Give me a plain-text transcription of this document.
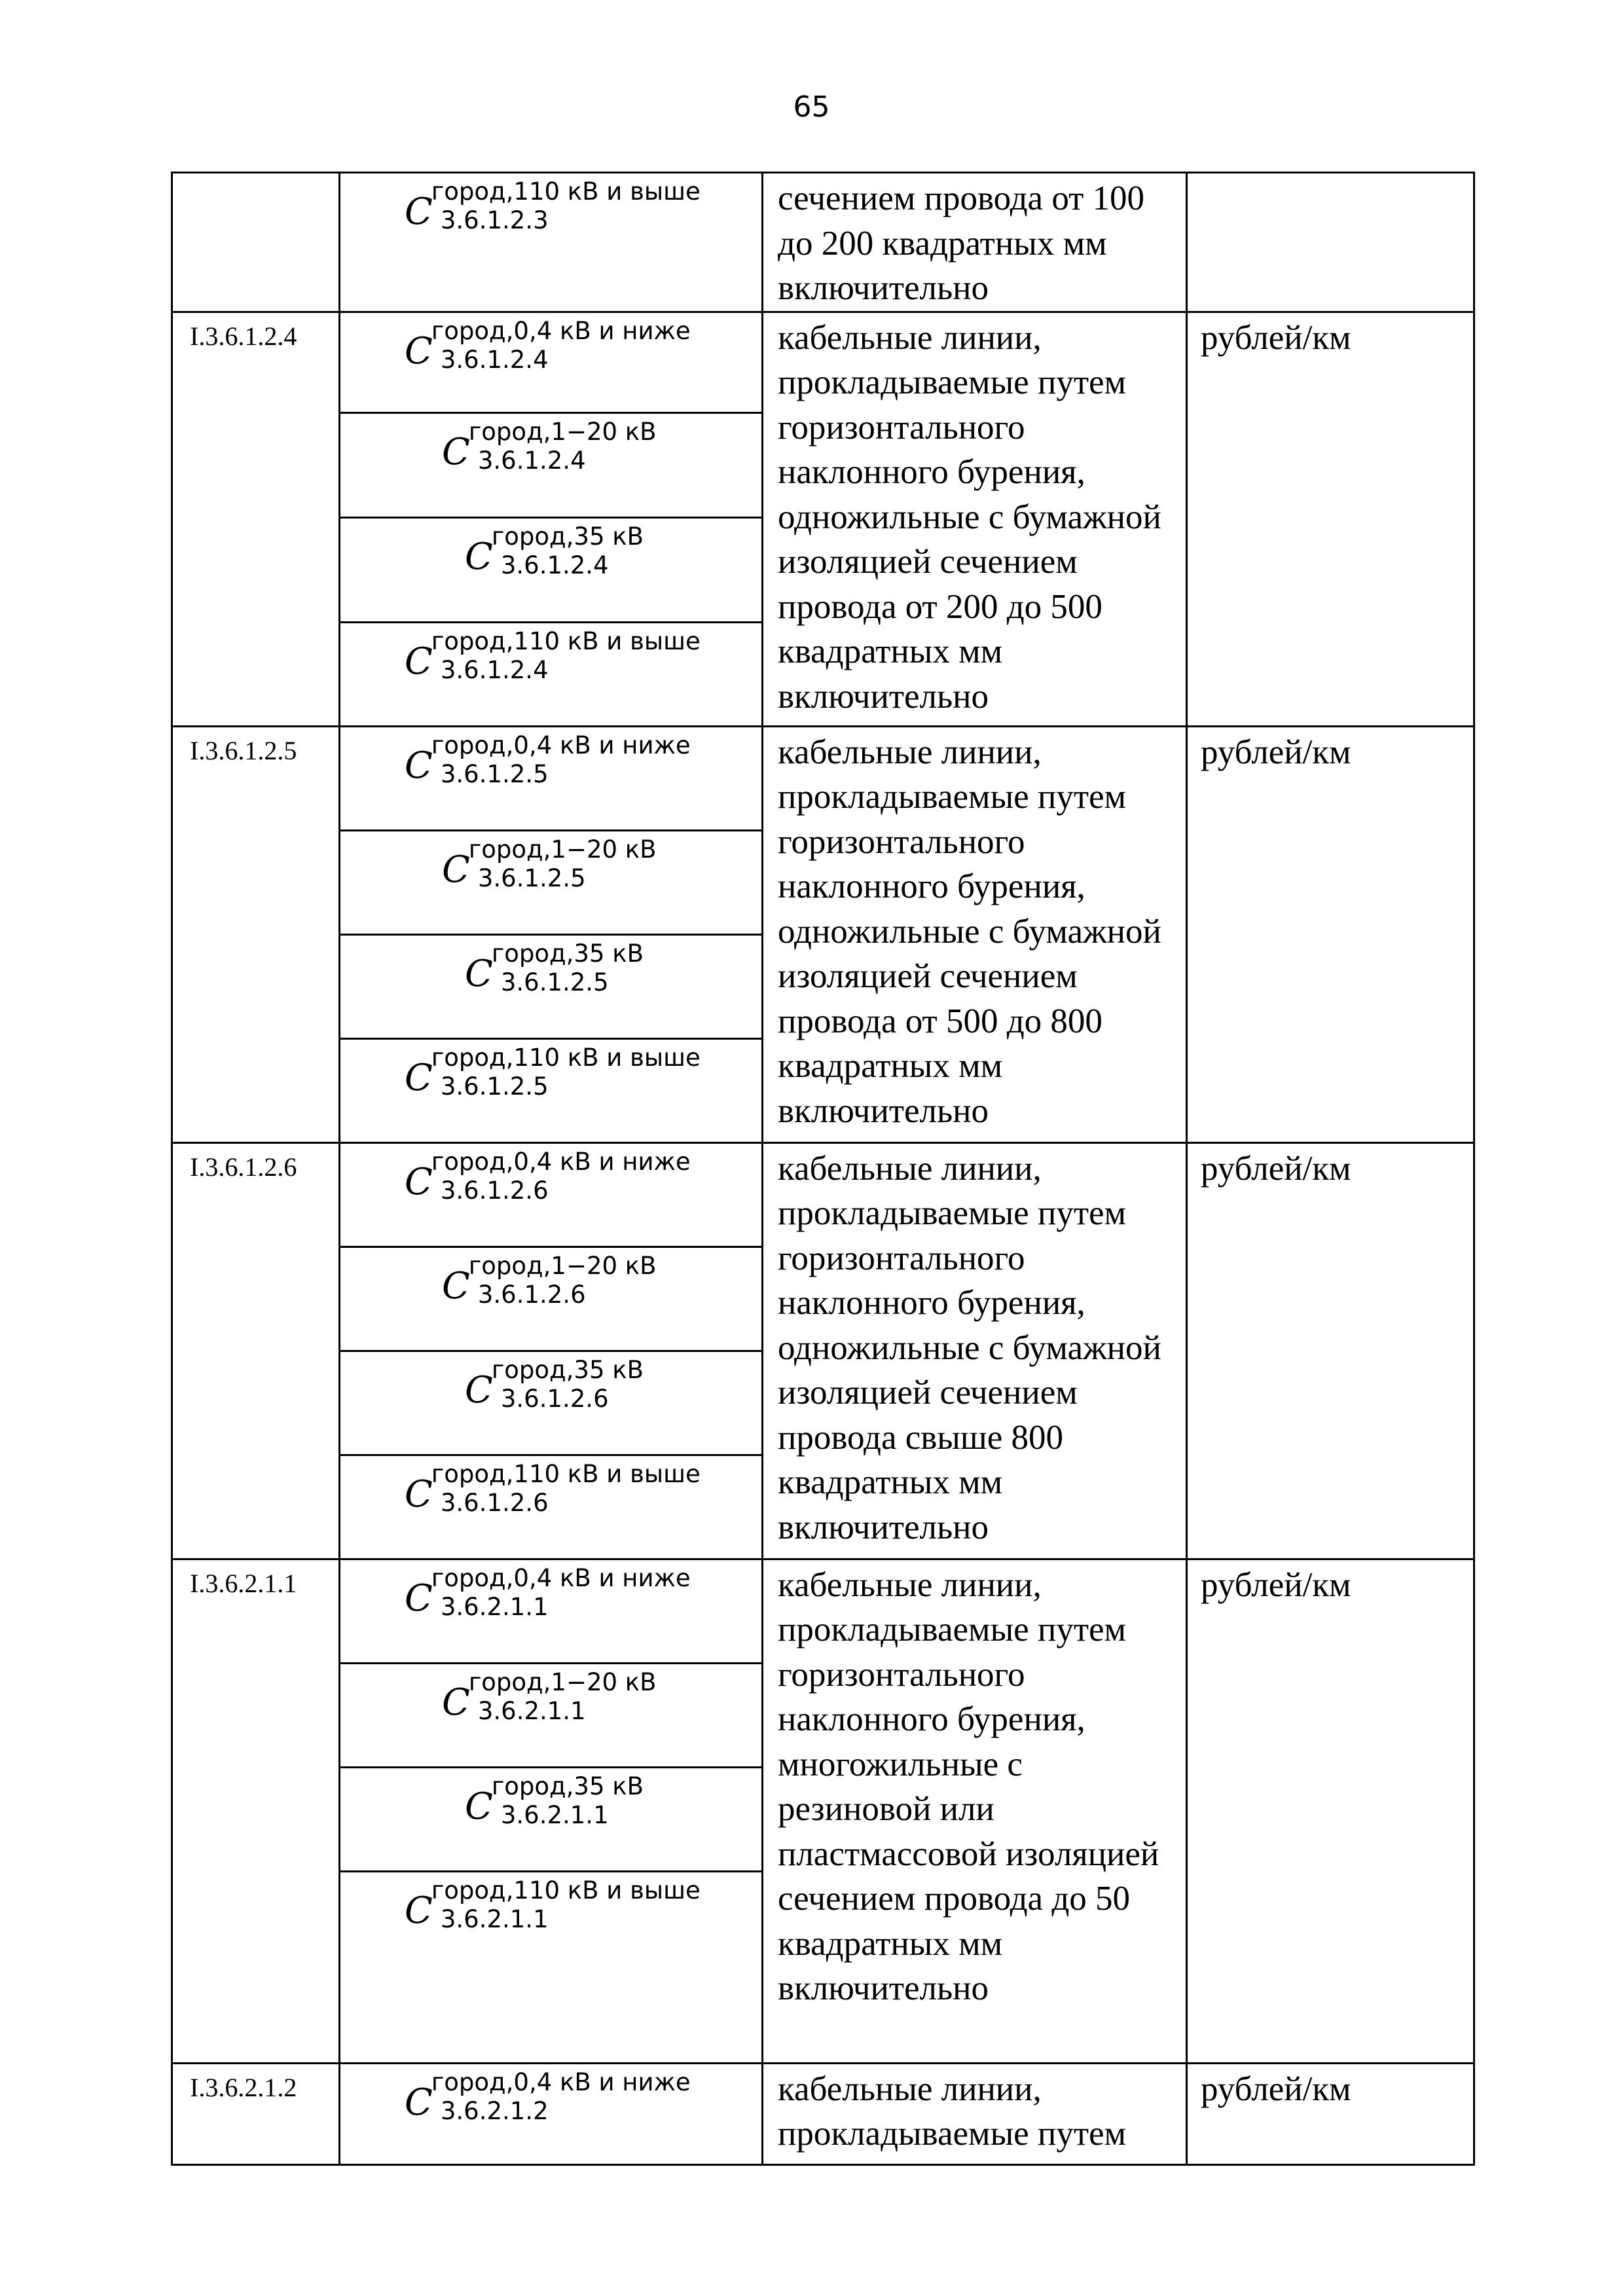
65

	C
город,110 кВ и выше
3.6.1.2.3	сечением провода от 100 до 200 квадратных мм включительно	
I.3.6.1.2.4	C
город,0,4 кВ и ниже
3.6.1.2.4	кабельные линии, прокладываемые путем горизонтального наклонного бурения, одножильные с бумажной изоляцией сечением провода от 200 до 500 квадратных мм включительно	рублей/км

	C
город,1−20 кВ
3.6.1.2.4		

	C
город,35 кВ
3.6.1.2.4		

	C
город,110 кВ и выше
3.6.1.2.4		

I.3.6.1.2.5	C
город,0,4 кВ и ниже
3.6.1.2.5	кабельные линии, прокладываемые путем горизонтального наклонного бурения, одножильные с бумажной изоляцией сечением провода от 500 до 800 квадратных мм включительно	рублей/км

	C
город,1−20 кВ
3.6.1.2.5		

	C
город,35 кВ
3.6.1.2.5		

	C
город,110 кВ и выше
3.6.1.2.5		

I.3.6.1.2.6	C
город,0,4 кВ и ниже
3.6.1.2.6	кабельные линии, прокладываемые путем горизонтального наклонного бурения, одножильные с бумажной изоляцией сечением провода свыше 800 квадратных мм включительно	рублей/км

	C
город,1−20 кВ
3.6.1.2.6		

	C
город,35 кВ
3.6.1.2.6		

	C
город,110 кВ и выше
3.6.1.2.6		

I.3.6.2.1.1	C
город,0,4 кВ и ниже
3.6.2.1.1	кабельные линии, прокладываемые путем горизонтального наклонного бурения, многожильные с резиновой или пластмассовой изоляцией сечением провода до 50 квадратных мм включительно	рублей/км

	C
город,1−20 кВ
3.6.2.1.1		

	C
город,35 кВ
3.6.2.1.1		

	C
город,110 кВ и выше
3.6.2.1.1		

I.3.6.2.1.2	C
город,0,4 кВ и ниже
3.6.2.1.2	кабельные линии, прокладываемые путем	рублей/км
